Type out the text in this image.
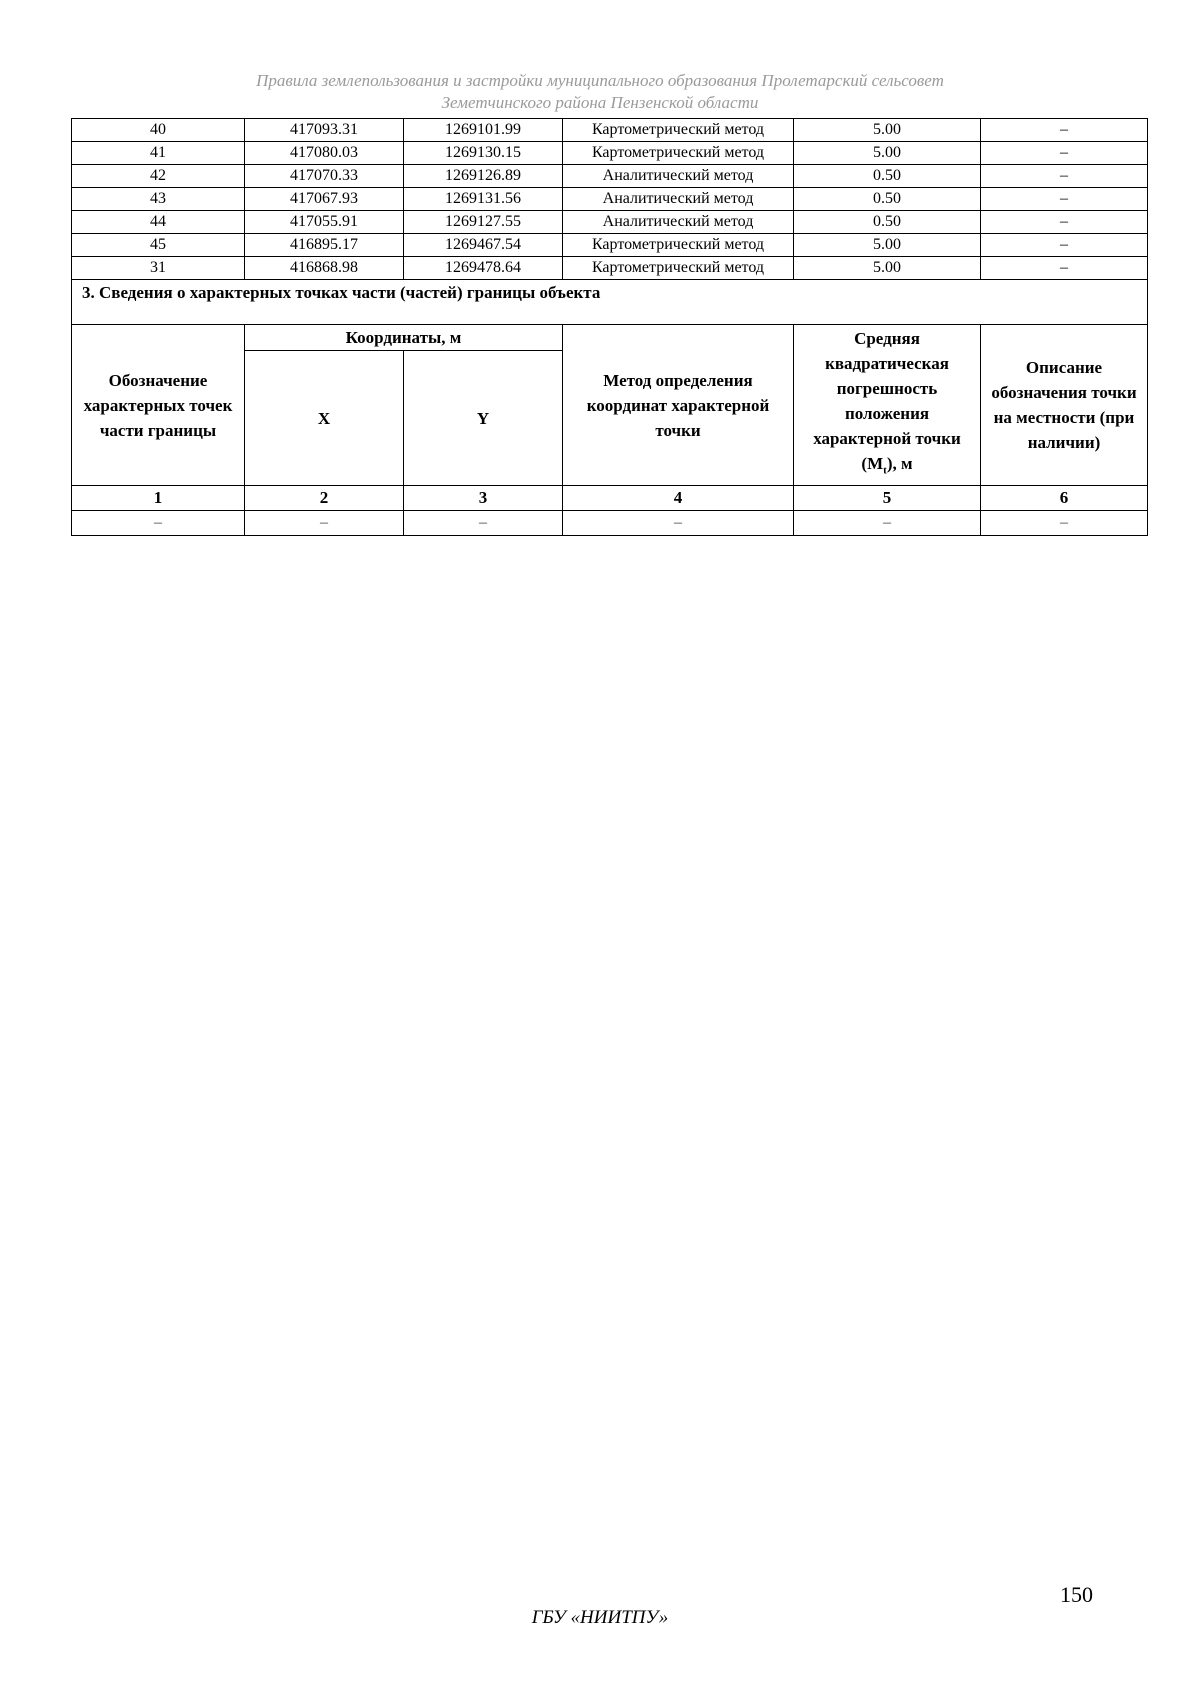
Правила землепользования и застройки муниципального образования Пролетарский сельсовет
Земетчинского района Пензенской области
40	417093.31	1269101.99	Картометрический метод	5.00	–
41	417080.03	1269130.15	Картометрический метод	5.00	–
42	417070.33	1269126.89	Аналитический метод	0.50	–
43	417067.93	1269131.56	Аналитический метод	0.50	–
44	417055.91	1269127.55	Аналитический метод	0.50	–
45	416895.17	1269467.54	Картометрический метод	5.00	–
31	416868.98	1269478.64	Картометрический метод	5.00	–
3. Сведения о характерных точках части (частей) границы объекта					
Обозначение характерных точек части границы	Координаты, м		Метод определения координат характерной точки	Средняя квадратическая погрешность положения характерной точки $(M_t)$, м	Описание обозначения точки на местности (при наличии)
	X	Y			
1	2	3	4	5	6
–	–	–	–	–	–
150
ГБУ «НИИТПУ»
